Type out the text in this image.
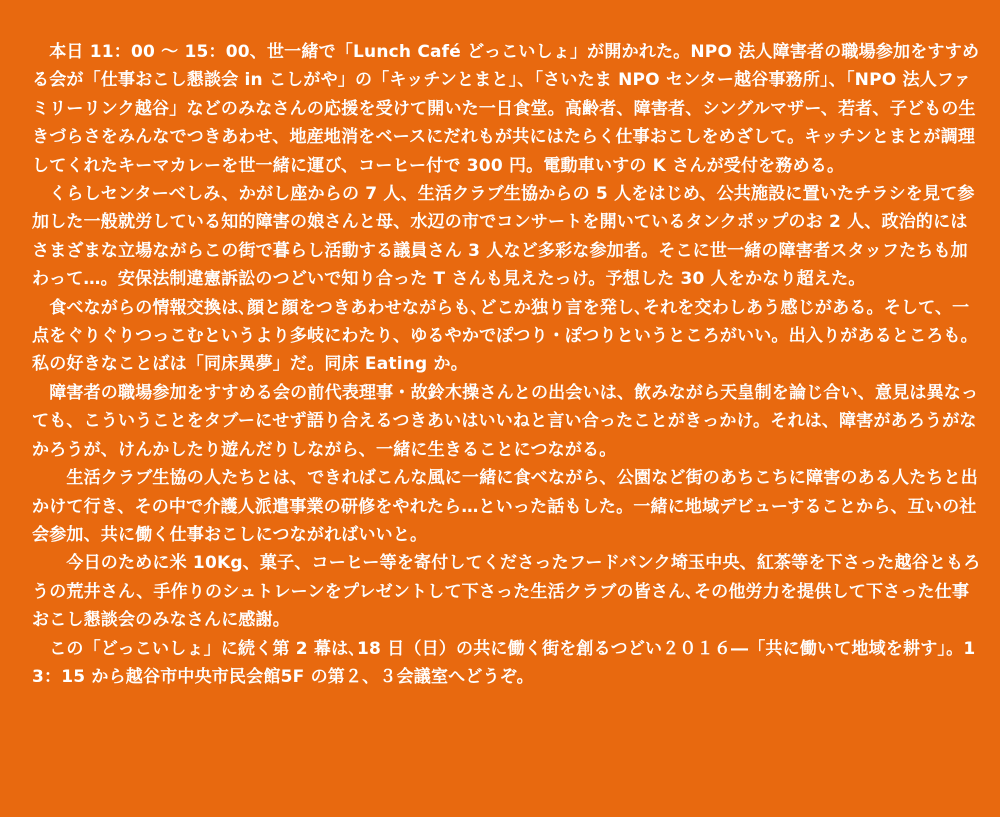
　本日 11：00 ～ 15：00、世一緒で「Lunch Café どっこいしょ」が開かれた。NPO 法人障害者の職場参加をすすめる会が「仕事おこし懇談会 in こしがや」の「キッチンとまと」、「さいたま NPO センター越谷事務所」、「NPO 法人ファミリーリンク越谷」などのみなさんの応援を受けて開いた一日食堂。高齢者、障害者、シングルマザー、若者、子どもの生きづらさをみんなでつきあわせ、地産地消をベースにだれもが共にはたらく仕事おこしをめざして。キッチンとまとが調理してくれたキーマカレーを世一緒に運び、コーヒー付で 300 円。電動車いすの K さんが受付を務める。

　くらしセンターべしみ、かがし座からの 7 人、生活クラブ生協からの 5 人をはじめ、公共施設に置いたチラシを見て参加した一般就労している知的障害の娘さんと母、水辺の市でコンサートを開いているタンクポップのお 2 人、政治的にはさまざまな立場ながらこの街で暮らし活動する議員さん 3 人など多彩な参加者。そこに世一緒の障害者スタッフたちも加わって…。安保法制違憲訴訟のつどいで知り合った T さんも見えたっけ。予想した 30 人をかなり超えた。

　食べながらの情報交換は､顔と顔をつきあわせながらも､どこか独り言を発し､それを交わしあう感じがある。そして、一点をぐりぐりつっこむというより多岐にわたり、ゆるやかでぽつり・ぽつりというところがいい。出入りがあるところも。私の好きなことばは「同床異夢」だ。同床 Eating か。

　障害者の職場参加をすすめる会の前代表理事・故鈴木操さんとの出会いは、飲みながら天皇制を論じ合い、意見は異なっても、こういうことをタブーにせず語り合えるつきあいはいいねと言い合ったことがきっかけ。それは、障害があろうがなかろうが、けんかしたり遊んだりしながら、一緒に生きることにつながる。

　　生活クラブ生協の人たちとは、できればこんな風に一緒に食べながら、公園など街のあちこちに障害のある人たちと出かけて行き、その中で介護人派遣事業の研修をやれたら…といった話もした。一緒に地域デビューすることから、互いの社会参加、共に働く仕事おこしにつながればいいと。

　　今日のために米 10Kg、菓子、コーヒー等を寄付してくださったフードバンク埼玉中央、紅茶等を下さった越谷ともろうの荒井さん、手作りのシュトレーンをプレゼントして下さった生活クラブの皆さん､その他労力を提供して下さった仕事おこし懇談会のみなさんに感謝。

　この「どっこいしょ」に続く第 2 幕は､18 日（日）の共に働く街を創るつどい２０１６―「共に働いて地域を耕す」。13：15 から越谷市中央市民会館5F の第２、３会議室へどうぞ。
